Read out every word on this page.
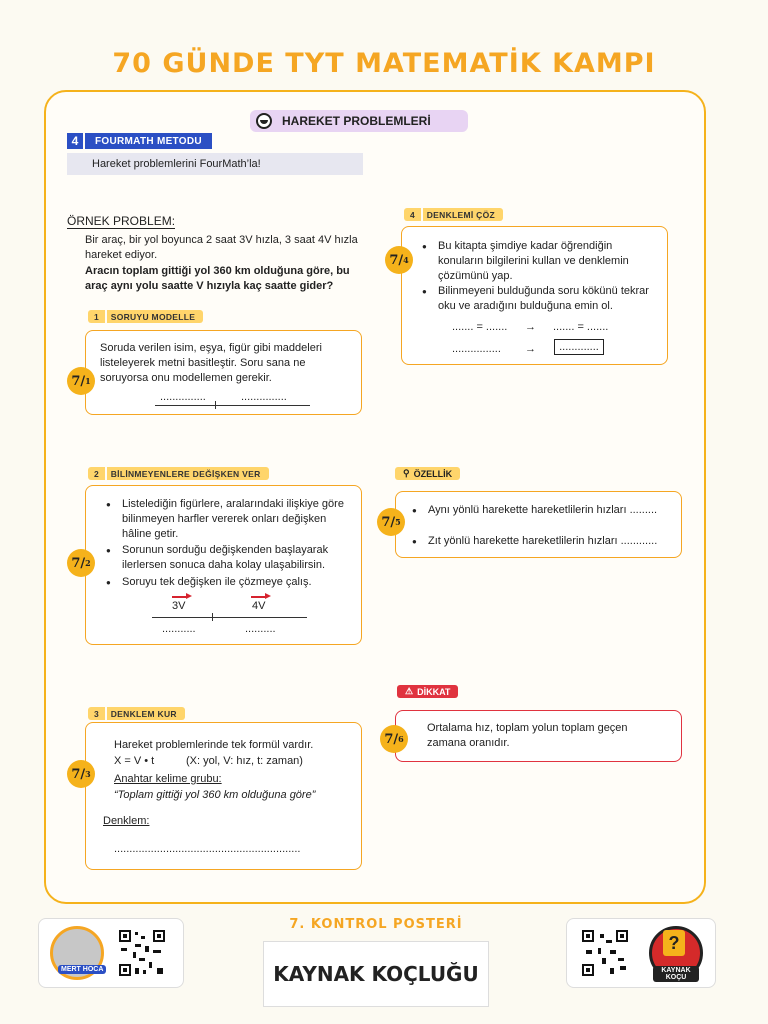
70 GÜNDE TYT MATEMATİK KAMPI
HAREKET PROBLEMLERİ
4	FOURMATH METODU
Hareket problemlerini FourMath’la!
ÖRNEK PROBLEM:
Bir araç, bir yol boyunca 2 saat 3V hızla, 3 saat 4V hızla hareket ediyor.
Aracın toplam gittiği yol 360 km olduğuna göre, bu araç aynı yolu saatte V hızıyla kaç saatte gider?
1	SORUYU MODELLE
7 / 1
Soruda verilen isim, eşya, figür gibi maddeleri listeleyerek metni basitleştir. Soru sana ne soruyorsa onu modellemen gerekir.
...............	...............
2	BİLİNMEYENLERE DEĞİŞKEN VER
7 / 2
● Listelediğin figürlere, aralarındaki ilişkiye göre bilinmeyen harfler vererek onları değişken hâline getir.
● Sorunun sorduğu değişkenden başlayarak ilerlersen sonuca daha kolay ulaşabilirsin.
● Soruyu tek değişken ile çözmeye çalış.
3V	4V
...........	..........
3	DENKLEM KUR
7 / 3
Hareket problemlerinde tek formül vardır.
X = V • t	(X: yol, V: hız, t: zaman)
Anahtar kelime grubu:
“Toplam gittiği yol 360 km olduğuna göre”
Denklem:
.............................................................
4	DENKLEMİ ÇÖZ
7 / 4
● Bu kitapta şimdiye kadar öğrendiğin konuların bilgilerini kullan ve denklemin çözümünü yap.
● Bilinmeyeni bulduğunda soru kökünü tekrar oku ve aradığını bulduğuna emin ol.
....... = ....... → ....... = .......
................ →	.............
⚲ ÖZELLİK
7 / 5
● Aynı yönlü harekette hareketlilerin hızları .........
● Zıt yönlü harekette hareketlilerin hızları ............
⚠ DİKKAT
7 / 6
Ortalama hız, toplam yolun toplam geçen zamana oranıdır.
MERT HOCA
7. KONTROL POSTERİ
KAYNAK KOÇLUĞU
?
KAYNAK KOÇU
